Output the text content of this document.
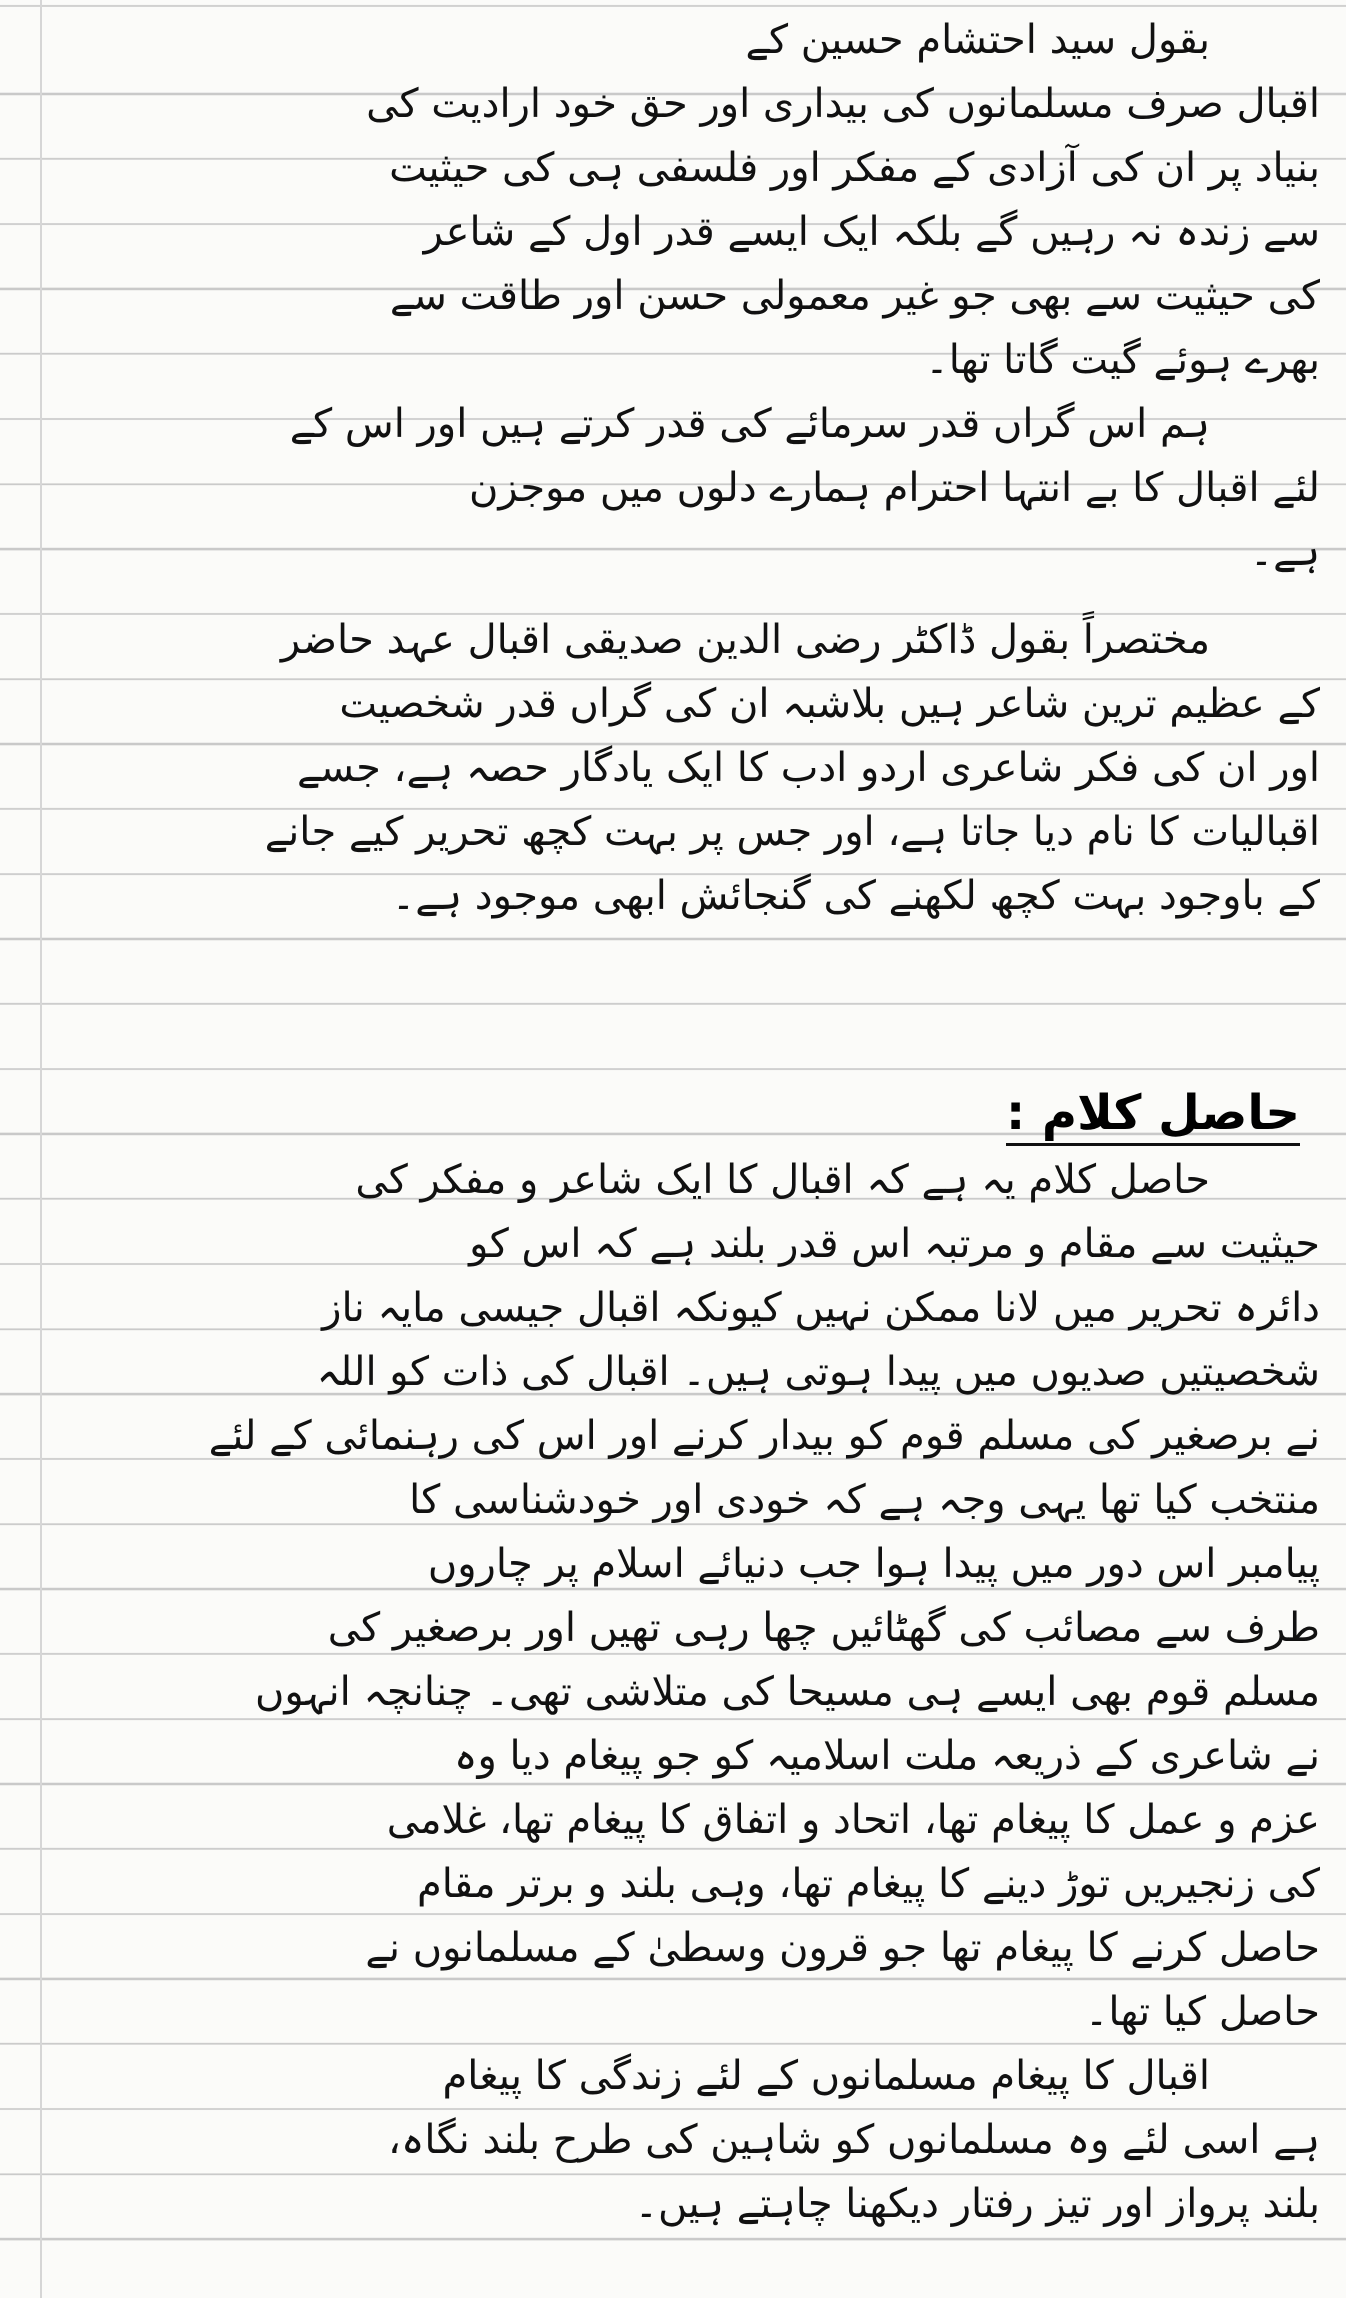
بقول سید احتشام حسین کے
اقبال صرف مسلمانوں کی بیداری اور حق خود ارادیت کی
بنیاد پر ان کی آزادی کے مفکر اور فلسفی ہی کی حیثیت
سے زندہ نہ رہیں گے بلکہ ایک ایسے قدر اول کے شاعر
کی حیثیت سے بھی جو غیر معمولی حسن اور طاقت سے
بھرے ہوئے گیت گاتا تھا۔
ہم اس گراں قدر سرمائے کی قدر کرتے ہیں اور اس کے
لئے اقبال کا بے انتہا احترام ہمارے دلوں میں موجزن
ہے۔
مختصراً بقول ڈاکٹر رضی الدین صدیقی اقبال عہد حاضر
کے عظیم ترین شاعر ہیں بلاشبہ ان کی گراں قدر شخصیت
اور ان کی فکر شاعری اردو ادب کا ایک یادگار حصہ ہے، جسے
اقبالیات کا نام دیا جاتا ہے، اور جس پر بہت کچھ تحریر کیے جانے
کے باوجود بہت کچھ لکھنے کی گنجائش ابھی موجود ہے۔
حاصل کلام :
حاصل کلام یہ ہے کہ اقبال کا ایک شاعر و مفکر کی
حیثیت سے مقام و مرتبہ اس قدر بلند ہے کہ اس کو
دائرہ تحریر میں لانا ممکن نہیں کیونکہ اقبال جیسی مایہ ناز
شخصیتیں صدیوں میں پیدا ہوتی ہیں۔ اقبال کی ذات کو اللہ
نے برصغیر کی مسلم قوم کو بیدار کرنے اور اس کی رہنمائی کے لئے
منتخب کیا تھا یہی وجہ ہے کہ خودی اور خودشناسی کا
پیامبر اس دور میں پیدا ہوا جب دنیائے اسلام پر چاروں
طرف سے مصائب کی گھٹائیں چھا رہی تھیں اور برصغیر کی
مسلم قوم بھی ایسے ہی مسیحا کی متلاشی تھی۔ چنانچہ انہوں
نے شاعری کے ذریعہ ملت اسلامیہ کو جو پیغام دیا وہ
عزم و عمل کا پیغام تھا، اتحاد و اتفاق کا پیغام تھا، غلامی
کی زنجیریں توڑ دینے کا پیغام تھا، وہی بلند و برتر مقام
حاصل کرنے کا پیغام تھا جو قرون وسطیٰ کے مسلمانوں نے
حاصل کیا تھا۔
اقبال کا پیغام مسلمانوں کے لئے زندگی کا پیغام
ہے اسی لئے وہ مسلمانوں کو شاہین کی طرح بلند نگاہ،
بلند پرواز اور تیز رفتار دیکھنا چاہتے ہیں۔
